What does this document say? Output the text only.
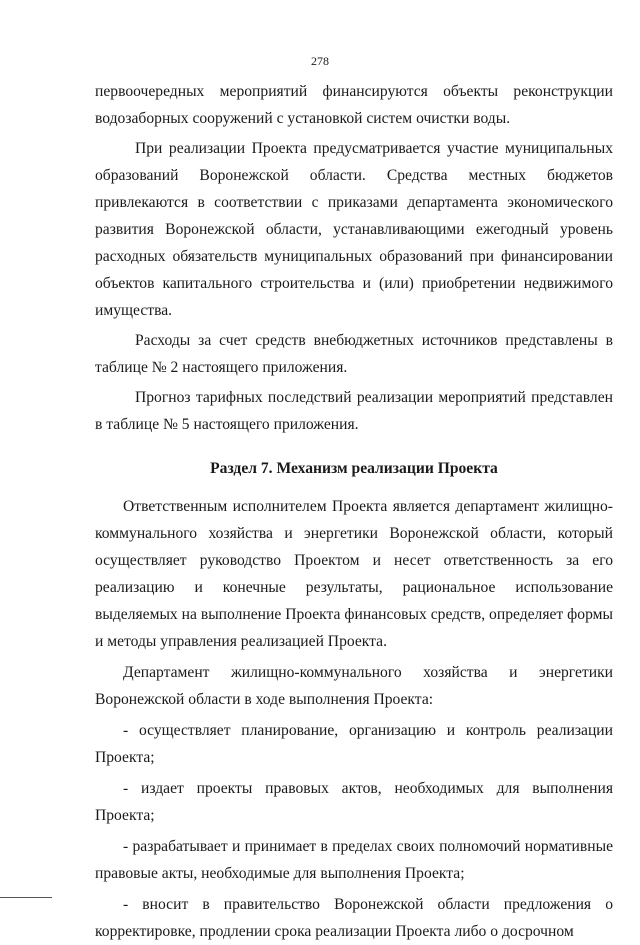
278

первоочередных мероприятий финансируются объекты реконструкции водозаборных сооружений с установкой систем очистки воды.

При реализации Проекта предусматривается участие муниципальных образований Воронежской области. Средства местных бюджетов привлекаются в соответствии с приказами департамента экономического развития Воронежской области, устанавливающими ежегодный уровень расходных обязательств муниципальных образований при финансировании объектов капитального строительства и (или) приобретении недвижимого имущества.

Расходы за счет средств внебюджетных источников представлены в таблице № 2 настоящего приложения.

Прогноз тарифных последствий реализации мероприятий представлен в таблице № 5 настоящего приложения.

Раздел 7. Механизм реализации Проекта

Ответственным исполнителем Проекта является департамент жилищно-коммунального хозяйства и энергетики Воронежской области, который осуществляет руководство Проектом и несет ответственность за его реализацию и конечные результаты, рациональное использование выделяемых на выполнение Проекта финансовых средств, определяет формы и методы управления реализацией Проекта.

Департамент жилищно-коммунального хозяйства и энергетики Воронежской области в ходе выполнения Проекта:

- осуществляет планирование, организацию и контроль реализации Проекта;

- издает проекты правовых актов, необходимых для выполнения Проекта;

- разрабатывает и принимает в пределах своих полномочий нормативные правовые акты, необходимые для выполнения Проекта;

- вносит в правительство Воронежской области предложения о корректировке, продлении срока реализации Проекта либо о досрочном
